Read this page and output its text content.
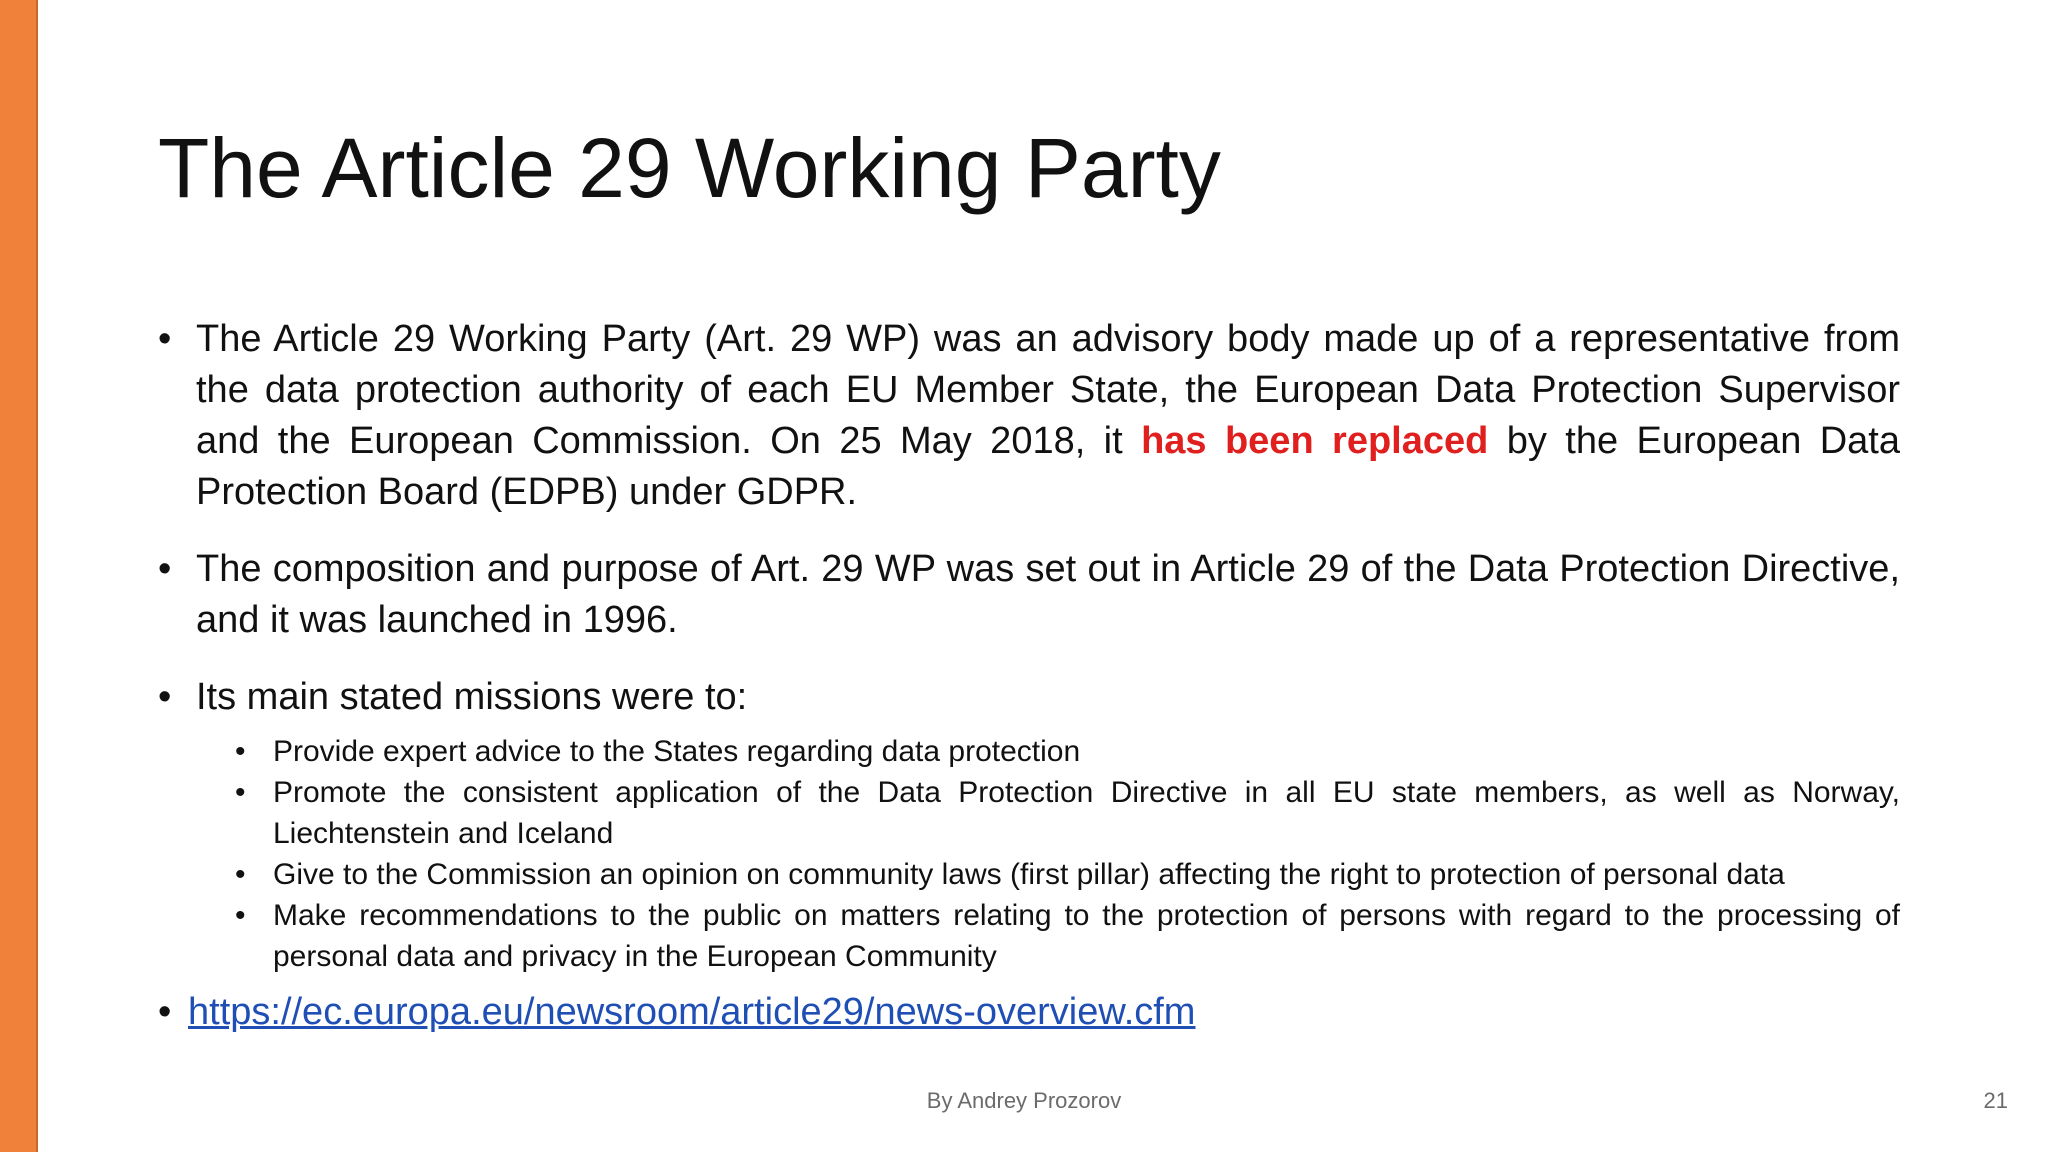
The Article 29 Working Party
• The Article 29 Working Party (Art. 29 WP) was an advisory body made up of a representative from the data protection authority of each EU Member State, the European Data Protection Supervisor and the European Commission. On 25 May 2018, it has been replaced by the European Data Protection Board (EDPB) under GDPR.
• The composition and purpose of Art. 29 WP was set out in Article 29 of the Data Protection Directive, and it was launched in 1996.
• Its main stated missions were to:
• Provide expert advice to the States regarding data protection
• Promote the consistent application of the Data Protection Directive in all EU state members, as well as Norway, Liechtenstein and Iceland
• Give to the Commission an opinion on community laws (first pillar) affecting the right to protection of personal data
• Make recommendations to the public on matters relating to the protection of persons with regard to the processing of personal data and privacy in the European Community
• https://ec.europa.eu/newsroom/article29/news-overview.cfm
By Andrey Prozorov	21
